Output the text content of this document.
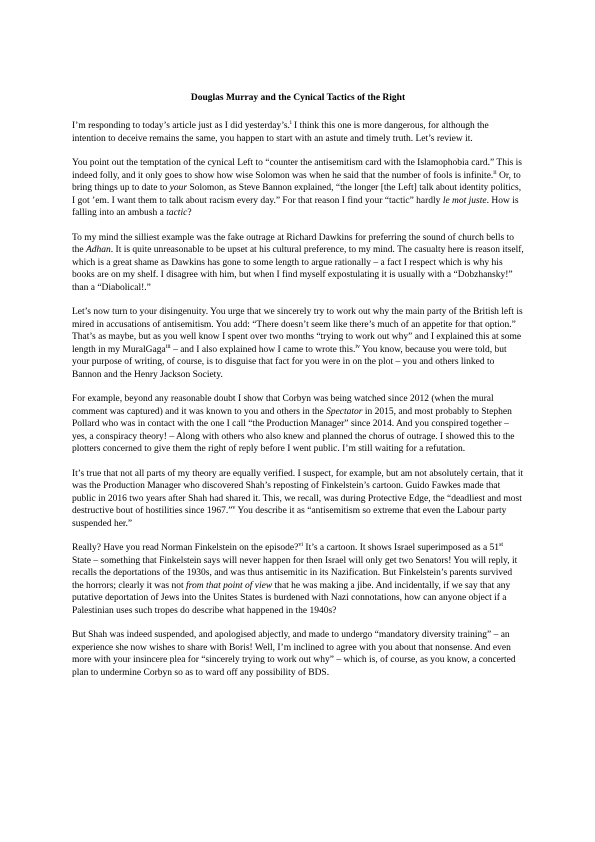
Douglas Murray and the Cynical Tactics of the Right

I’m responding to today’s article just as I did yesterday’s.$^i$ I think this one is more dangerous, for although the intention to deceive remains the same, you happen to start with an astute and timely truth. Let’s review it.

You point out the temptation of the cynical Left to “counter the antisemitism card with the Islamophobia card.” This is indeed folly, and it only goes to show how wise Solomon was when he said that the number of fools is infinite.$^{ii}$ Or, to bring things up to date to your Solomon, as Steve Bannon explained, “the longer [the Left] talk about identity politics, I got ’em. I want them to talk about racism every day.” For that reason I find your “tactic” hardly le mot juste. How is falling into an ambush a tactic?

To my mind the silliest example was the fake outrage at Richard Dawkins for preferring the sound of church bells to the Adhan. It is quite unreasonable to be upset at his cultural preference, to my mind. The casualty here is reason itself, which is a great shame as Dawkins has gone to some length to argue rationally – a fact I respect which is why his books are on my shelf. I disagree with him, but when I find myself expostulating it is usually with a “Dobzhansky!” than a “Diabolical!.”

Let’s now turn to your disingenuity. You urge that we sincerely try to work out why the main party of the British left is mired in accusations of antisemitism. You add: “There doesn’t seem like there’s much of an appetite for that option.” That’s as maybe, but as you well know I spent over two months “trying to work out why” and I explained this at some length in my MuralGaga$^{iii}$ – and I also explained how I came to wrote this.$^{iv}$ You know, because you were told, but your purpose of writing, of course, is to disguise that fact for you were in on the plot – you and others linked to Bannon and the Henry Jackson Society.

For example, beyond any reasonable doubt I show that Corbyn was being watched since 2012 (when the mural comment was captured) and it was known to you and others in the Spectator in 2015, and most probably to Stephen Pollard who was in contact with the one I call “the Production Manager” since 2014. And you conspired together – yes, a conspiracy theory! – Along with others who also knew and planned the chorus of outrage. I showed this to the plotters concerned to give them the right of reply before I went public. I’m still waiting for a refutation.

It’s true that not all parts of my theory are equally verified. I suspect, for example, but am not absolutely certain, that it was the Production Manager who discovered Shah’s reposting of Finkelstein’s cartoon. Guido Fawkes made that public in 2016 two years after Shah had shared it. This, we recall, was during Protective Edge, the “deadliest and most destructive bout of hostilities since 1967.”$^v$ You describe it as “antisemitism so extreme that even the Labour party suspended her.”

Really? Have you read Norman Finkelstein on the episode?$^{vi}$ It’s a cartoon. It shows Israel superimposed as a 51st State – something that Finkelstein says will never happen for then Israel will only get two Senators! You will reply, it recalls the deportations of the 1930s, and was thus antisemitic in its Nazification. But Finkelstein’s parents survived the horrors; clearly it was not from that point of view that he was making a jibe. And incidentally, if we say that any putative deportation of Jews into the Unites States is burdened with Nazi connotations, how can anyone object if a Palestinian uses such tropes do describe what happened in the 1940s?

But Shah was indeed suspended, and apologised abjectly, and made to undergo “mandatory diversity training” – an experience she now wishes to share with Boris! Well, I’m inclined to agree with you about that nonsense. And even more with your insincere plea for “sincerely trying to work out why” – which is, of course, as you know, a concerted plan to undermine Corbyn so as to ward off any possibility of BDS.
